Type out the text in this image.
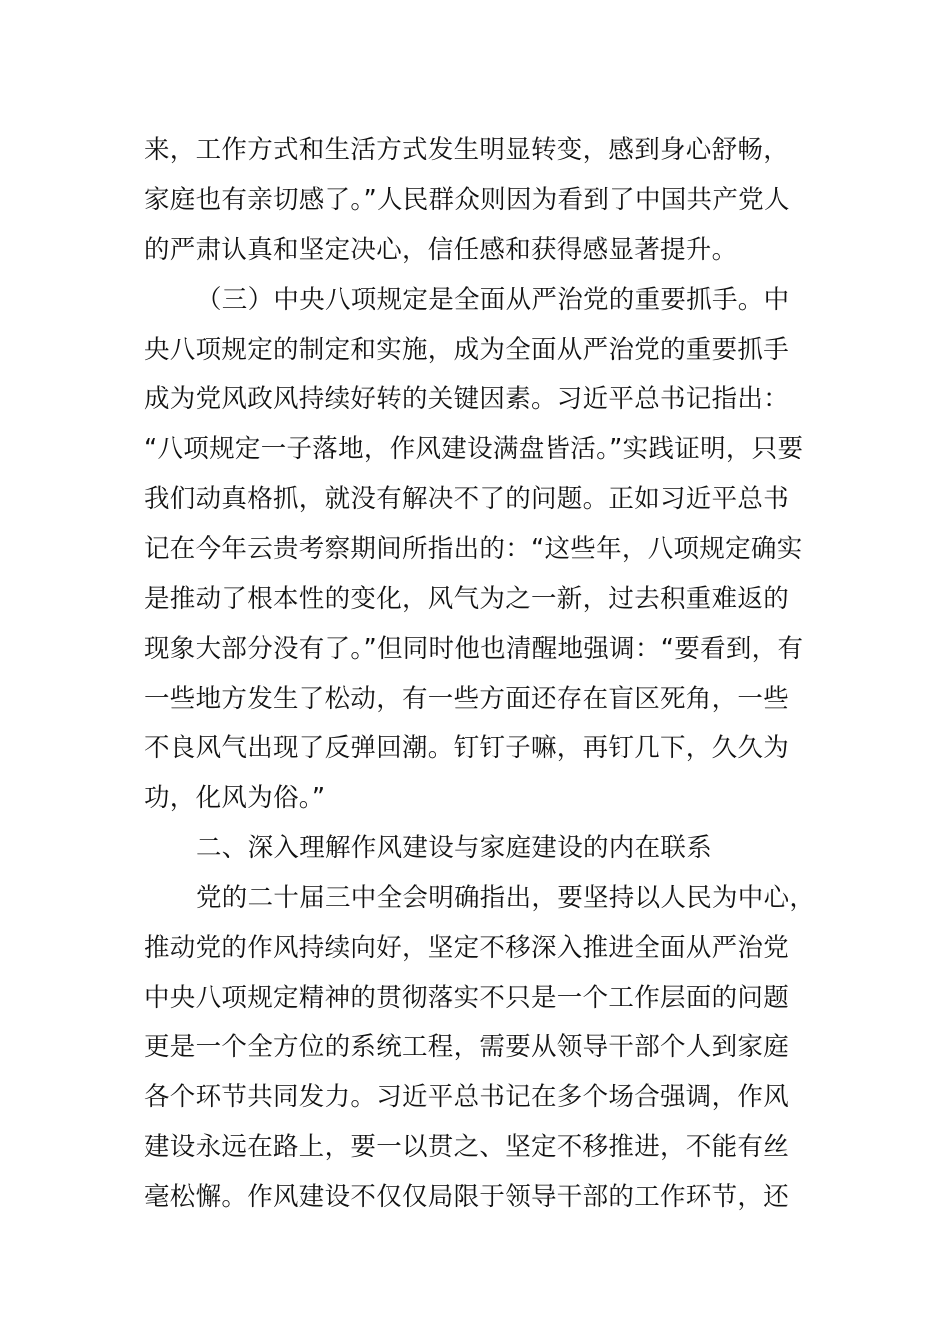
来，工作方式和生活方式发生明显转变，感到身心舒畅，
家庭也有亲切感了。”人民群众则因为看到了中国共产党人
的严肃认真和坚定决心，信任感和获得感显著提升。
（三）中央八项规定是全面从严治党的重要抓手。中
央八项规定的制定和实施，成为全面从严治党的重要抓手
成为党风政风持续好转的关键因素。习近平总书记指出：
“八项规定一子落地，作风建设满盘皆活。”实践证明，只要
我们动真格抓，就没有解决不了的问题。正如习近平总书
记在今年云贵考察期间所指出的：“这些年，八项规定确实
是推动了根本性的变化，风气为之一新，过去积重难返的
现象大部分没有了。”但同时他也清醒地强调：“要看到，有
一些地方发生了松动，有一些方面还存在盲区死角，一些
不良风气出现了反弹回潮。钉钉子嘛，再钉几下，久久为
功，化风为俗。”
二、深入理解作风建设与家庭建设的内在联系
党的二十届三中全会明确指出，要坚持以人民为中心，
推动党的作风持续向好，坚定不移深入推进全面从严治党
中央八项规定精神的贯彻落实不只是一个工作层面的问题
更是一个全方位的系统工程，需要从领导干部个人到家庭
各个环节共同发力。习近平总书记在多个场合强调，作风
建设永远在路上，要一以贯之、坚定不移推进，不能有丝
毫松懈。作风建设不仅仅局限于领导干部的工作环节，还
